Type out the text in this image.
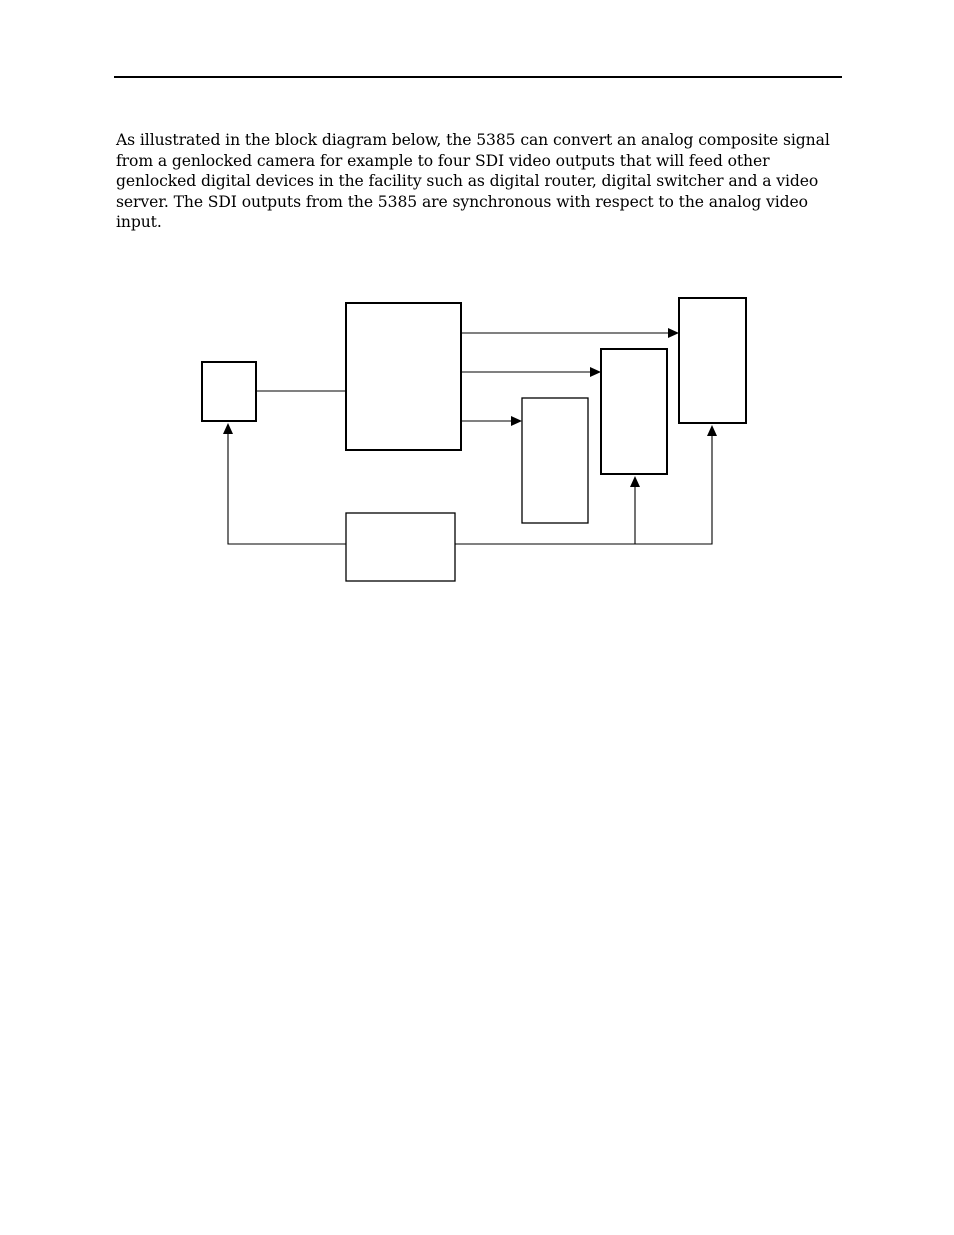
As illustrated in the block diagram below, the 5385 can convert an analog composite signal from a genlocked camera for example to four SDI video outputs that will feed other genlocked digital devices in the facility such as digital router, digital switcher and a video server. The SDI outputs from the 5385 are synchronous with respect to the analog video input.
